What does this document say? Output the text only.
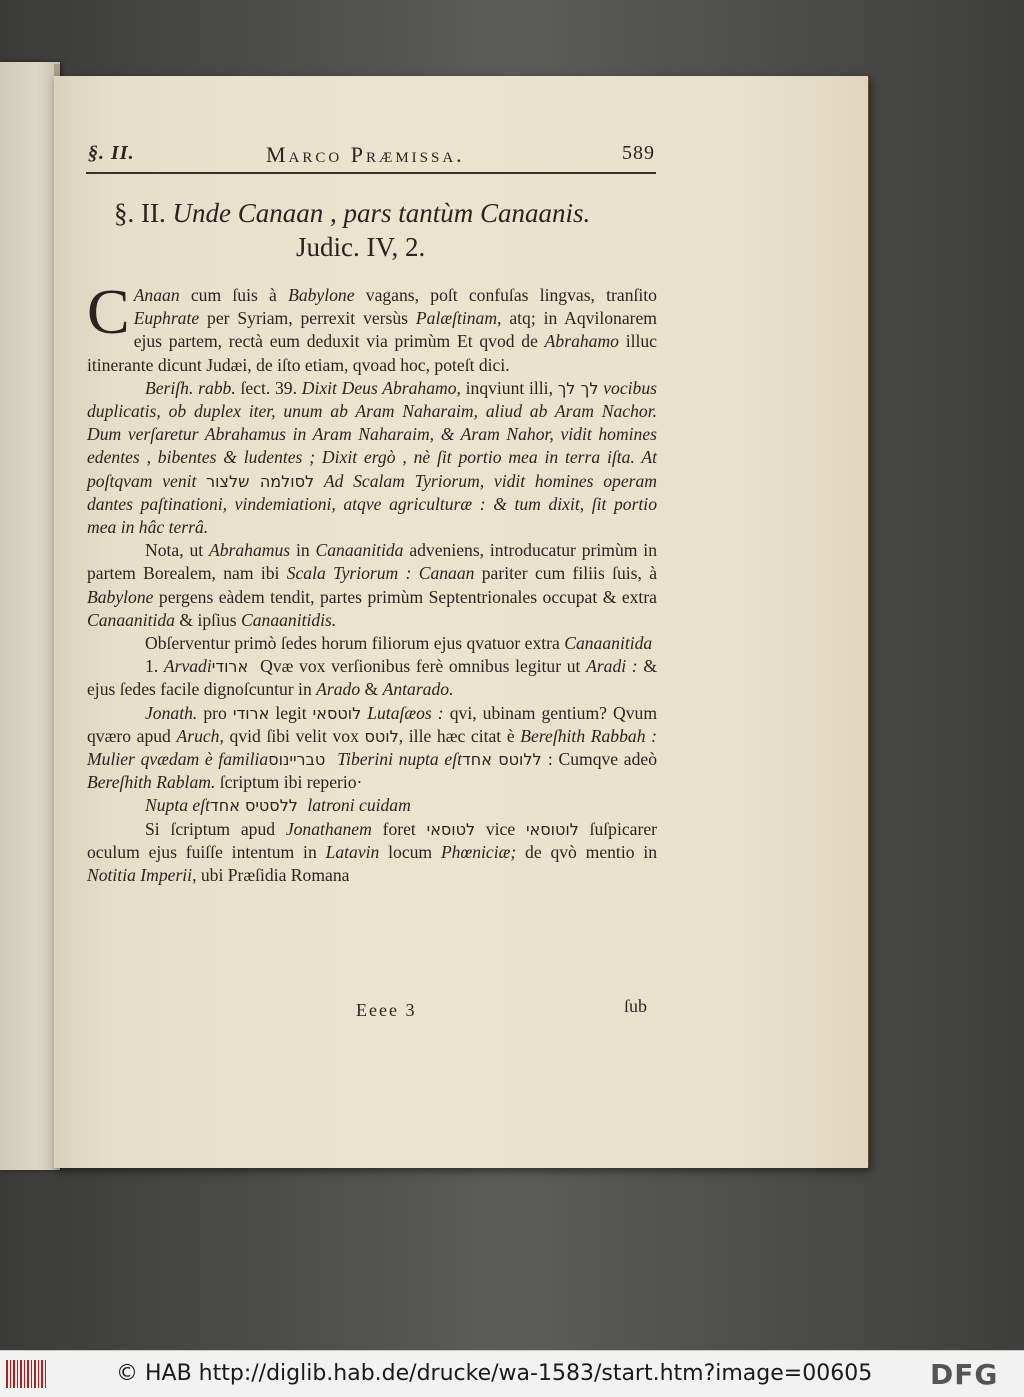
§. II.	Marco Præmissa.	589
§. II. Unde Canaan , pars tantùm Canaanis.
Judic. IV, 2.

C Anaan cum ſuis à Babylone vagans, poſt confuſas lingvas, tranſito Euphrate per Syriam, perrexit versùs Palæſtinam, atq; in Aqvilonarem ejus partem, rectà eum deduxit via primùm Et qvod de Abrahamo illuc itinerante dicunt Judæi, de iſto etiam, qvoad hoc, poteſt dici.

Beriſh. rabb. ſect. 39. Dixit Deus Abrahamo, inqviunt illi, לך לך vocibus duplicatis, ob duplex iter, unum ab Aram Naharaim, aliud ab Aram Nachor. Dum verſaretur Abrahamus in Aram Naharaim, & Aram Nahor, vidit homines edentes , bibentes & ludentes ; Dixit ergò , nè ſit portio mea in terra iſta. At poſtqvam venit לסולמה שלצור Ad Scalam Tyriorum, vidit homines operam dantes paſtinationi, vindemiationi, atqve agriculturæ : & tum dixit, ſit portio mea in hâc terrâ.

Nota, ut Abrahamus in Canaanitida adveniens, introducatur primùm in partem Borealem, nam ibi Scala Tyriorum : Canaan pariter cum filiis ſuis, à Babylone pergens eàdem tendit, partes primùm Septentrionales occupat & extra Canaanitida & ipſius Canaanitidis.

Obſerventur primò ſedes horum filiorum ejus qvatuor extra Canaanitida

1. Arvadi ארודי Qvæ vox verſionibus ferè omnibus legitur ut Aradi : & ejus ſedes facile dignoſcuntur in Arado & Antarado.

Jonath. pro ארודי legit לוטסאי Lutaſæos : qvi, ubinam gentium? Qvum qværo apud Aruch, qvid ſibi velit vox לוטס, ille hæc citat è Bereſhith Rabbah : Mulier qvædam è familia טבריינוס Tiberini nupta eſt ללוטס אחד: Cumqve adeò Bereſhith Rablam. ſcriptum ibi reperio·

Nupta eſt ללסטיס אחד latroni cuidam

Si ſcriptum apud Jonathanem foret לטוסאי vice לוטוסאי ſuſpicarer oculum ejus fuiſſe intentum in Latavin locum Phœniciæ; de qvò mentio in Notitia Imperii, ubi Præſidia Romana

Eeee 3	ſub
© HAB http://diglib.hab.de/drucke/wa-1583/start.htm?image=00605 DFG
